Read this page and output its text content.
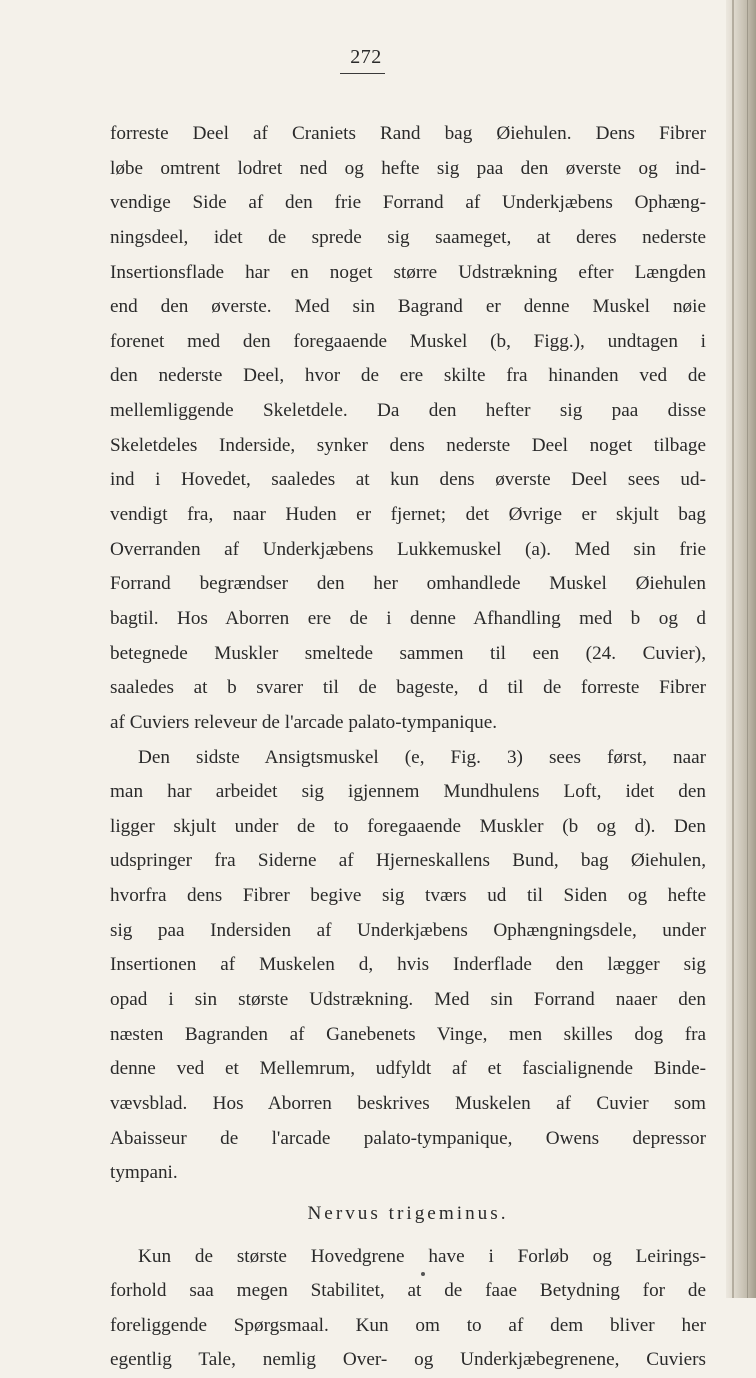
272
forreste Deel af Craniets Rand bag Øiehulen. Dens Fibrer
løbe omtrent lodret ned og hefte sig paa den øverste og ind-
vendige Side af den frie Forrand af Underkjæbens Ophæng-
ningsdeel, idet de sprede sig saameget, at deres nederste
Insertionsflade har en noget større Udstrækning efter Længden
end den øverste. Med sin Bagrand er denne Muskel nøie
forenet med den foregaaende Muskel (b, Figg.), undtagen i
den nederste Deel, hvor de ere skilte fra hinanden ved de
mellemliggende Skeletdele. Da den hefter sig paa disse
Skeletdeles Inderside, synker dens nederste Deel noget tilbage
ind i Hovedet, saaledes at kun dens øverste Deel sees ud-
vendigt fra, naar Huden er fjernet; det Øvrige er skjult bag
Overranden af Underkjæbens Lukkemuskel (a). Med sin frie
Forrand begrændser den her omhandlede Muskel Øiehulen
bagtil. Hos Aborren ere de i denne Afhandling med b og d
betegnede Muskler smeltede sammen til een (24. Cuvier),
saaledes at b svarer til de bageste, d til de forreste Fibrer
af Cuviers releveur de l'arcade palato-tympanique.
Den sidste Ansigtsmuskel (e, Fig. 3) sees først, naar
man har arbeidet sig igjennem Mundhulens Loft, idet den
ligger skjult under de to foregaaende Muskler (b og d). Den
udspringer fra Siderne af Hjerneskallens Bund, bag Øiehulen,
hvorfra dens Fibrer begive sig tværs ud til Siden og hefte
sig paa Indersiden af Underkjæbens Ophængningsdele, under
Insertionen af Muskelen d, hvis Inderflade den lægger sig
opad i sin største Udstrækning. Med sin Forrand naaer den
næsten Bagranden af Ganebenets Vinge, men skilles dog fra
denne ved et Mellemrum, udfyldt af et fascialignende Binde-
vævsblad. Hos Aborren beskrives Muskelen af Cuvier som
Abaisseur de l'arcade palato-tympanique, Owens depressor
tympani.
Nervus trigeminus.
Kun de største Hovedgrene have i Forløb og Leirings-
forhold saa megen Stabilitet, at de faae Betydning for de
foreliggende Spørgsmaal. Kun om to af dem bliver her
egentlig Tale, nemlig Over- og Underkjæbegrenene, Cuviers
